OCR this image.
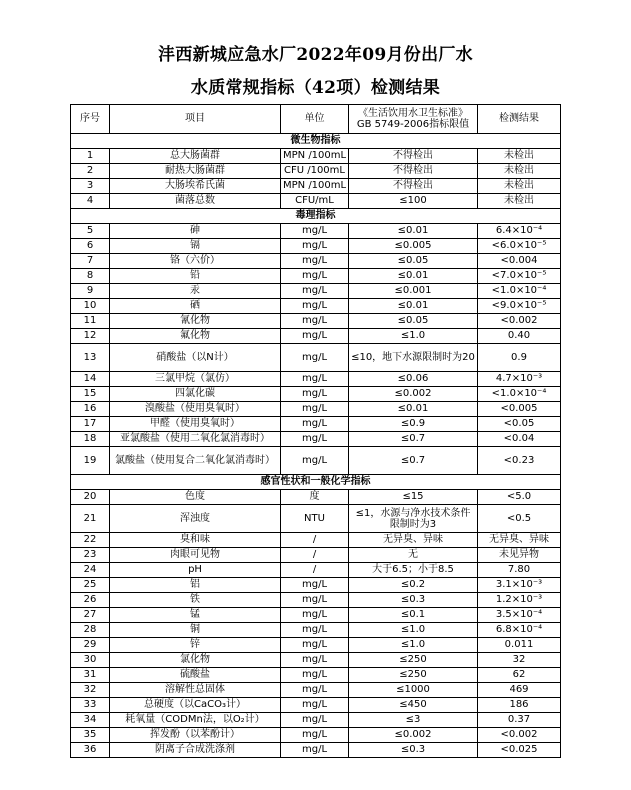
沣西新城应急水厂2022年09月份出厂水
水质常规指标（42项）检测结果
序号	项目	单位	《生活饮用水卫生标准》GB 5749-2006指标限值	检测结果
微生物指标				
1	总大肠菌群	MPN /100mL	不得检出	未检出
2	耐热大肠菌群	CFU /100mL	不得检出	未检出
3	大肠埃希氏菌	MPN /100mL	不得检出	未检出
4	菌落总数	CFU/mL	≤100	未检出
毒理指标				
5	砷	mg/L	≤0.01	6.4×10⁻⁴
6	镉	mg/L	≤0.005	<6.0×10⁻⁵
7	铬（六价）	mg/L	≤0.05	<0.004
8	铅	mg/L	≤0.01	<7.0×10⁻⁵
9	汞	mg/L	≤0.001	<1.0×10⁻⁴
10	硒	mg/L	≤0.01	<9.0×10⁻⁵
11	氰化物	mg/L	≤0.05	<0.002
12	氟化物	mg/L	≤1.0	0.40
13	硝酸盐（以N计）	mg/L	≤10，地下水源限制时为20	0.9
14	三氯甲烷（氯仿）	mg/L	≤0.06	4.7×10⁻³
15	四氯化碳	mg/L	≤0.002	<1.0×10⁻⁴
16	溴酸盐（使用臭氧时）	mg/L	≤0.01	<0.005
17	甲醛（使用臭氧时）	mg/L	≤0.9	<0.05
18	亚氯酸盐（使用二氧化氯消毒时）	mg/L	≤0.7	<0.04
19	氯酸盐（使用复合二氧化氯消毒时）	mg/L	≤0.7	<0.23
感官性状和一般化学指标				
20	色度	度	≤15	<5.0
21	浑浊度	NTU	≤1，水源与净水技术条件限制时为3	<0.5
22	臭和味	/	无异臭、异味	无异臭、异味
23	肉眼可见物	/	无	未见异物
24	pH	/	大于6.5；小于8.5	7.80
25	铝	mg/L	≤0.2	3.1×10⁻³
26	铁	mg/L	≤0.3	1.2×10⁻³
27	锰	mg/L	≤0.1	3.5×10⁻⁴
28	铜	mg/L	≤1.0	6.8×10⁻⁴
29	锌	mg/L	≤1.0	0.011
30	氯化物	mg/L	≤250	32
31	硫酸盐	mg/L	≤250	62
32	溶解性总固体	mg/L	≤1000	469
33	总硬度（以CaCO₃计）	mg/L	≤450	186
34	耗氧量（CODMn法，以O₂计）	mg/L	≤3	0.37
35	挥发酚（以苯酚计）	mg/L	≤0.002	<0.002
36	阴离子合成洗涤剂	mg/L	≤0.3	<0.025
